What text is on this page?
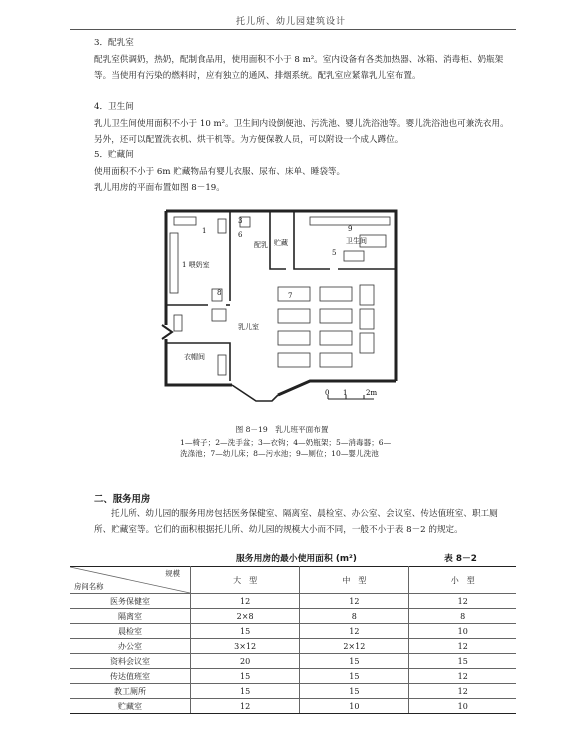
托儿所、幼儿园建筑设计

3．配乳室

配乳室供调奶，热奶，配制食品用，使用面积不小于 8 m²。室内设备有各类加热器、冰箱、消毒柜、奶瓶架等。当使用有污染的燃料时，应有独立的通风、排烟系统。配乳室应紧靠乳儿室布置。

4．卫生间

乳儿卫生间使用面积不小于 10 m²。卫生间内设倒便池、污洗池、婴儿洗浴池等。婴儿洗浴池也可兼洗衣用。另外，还可以配置洗衣机、烘干机等。为方便保教人员，可以附设一个成人蹲位。

5．贮藏间

使用面积不小于 6m 贮藏物品有婴儿衣服、尿布、床单、睡袋等。

乳儿用房的平面布置如图 8－19。

1 喂奶室
配乳 贮藏	卫生间
乳儿室
衣帽间
1
3
6
5
8	7
9
0 1	2m

图 8－19　乳儿班平面布置

1—椅子；2—洗手盆；3—衣钩；4—奶瓶架；5—消毒器；6—

洗涤池；7—幼儿床；8—污水池；9—厕位；10—婴儿洗池

二、服务用房

托儿所、幼儿园的服务用房包括医务保健室、隔离室、晨检室、办公室、会议室、传达值班室、职工厕所、贮藏室等。它们的面积根据托儿所、幼儿园的规模大小而不同，一般不小于表 8－2 的规定。

服务用房的最小使用面积 (m²)	表 8－2
规模
房间名称	大　型	中　型	小　型
医务保健室	12	12	12
隔离室	2×8	8	8
晨检室	15	12	10
办公室	3×12	2×12	12
资料会议室	20	15	15
传达值班室	15	15	12
教工厕所	15	15	12
贮藏室	12	10	10
